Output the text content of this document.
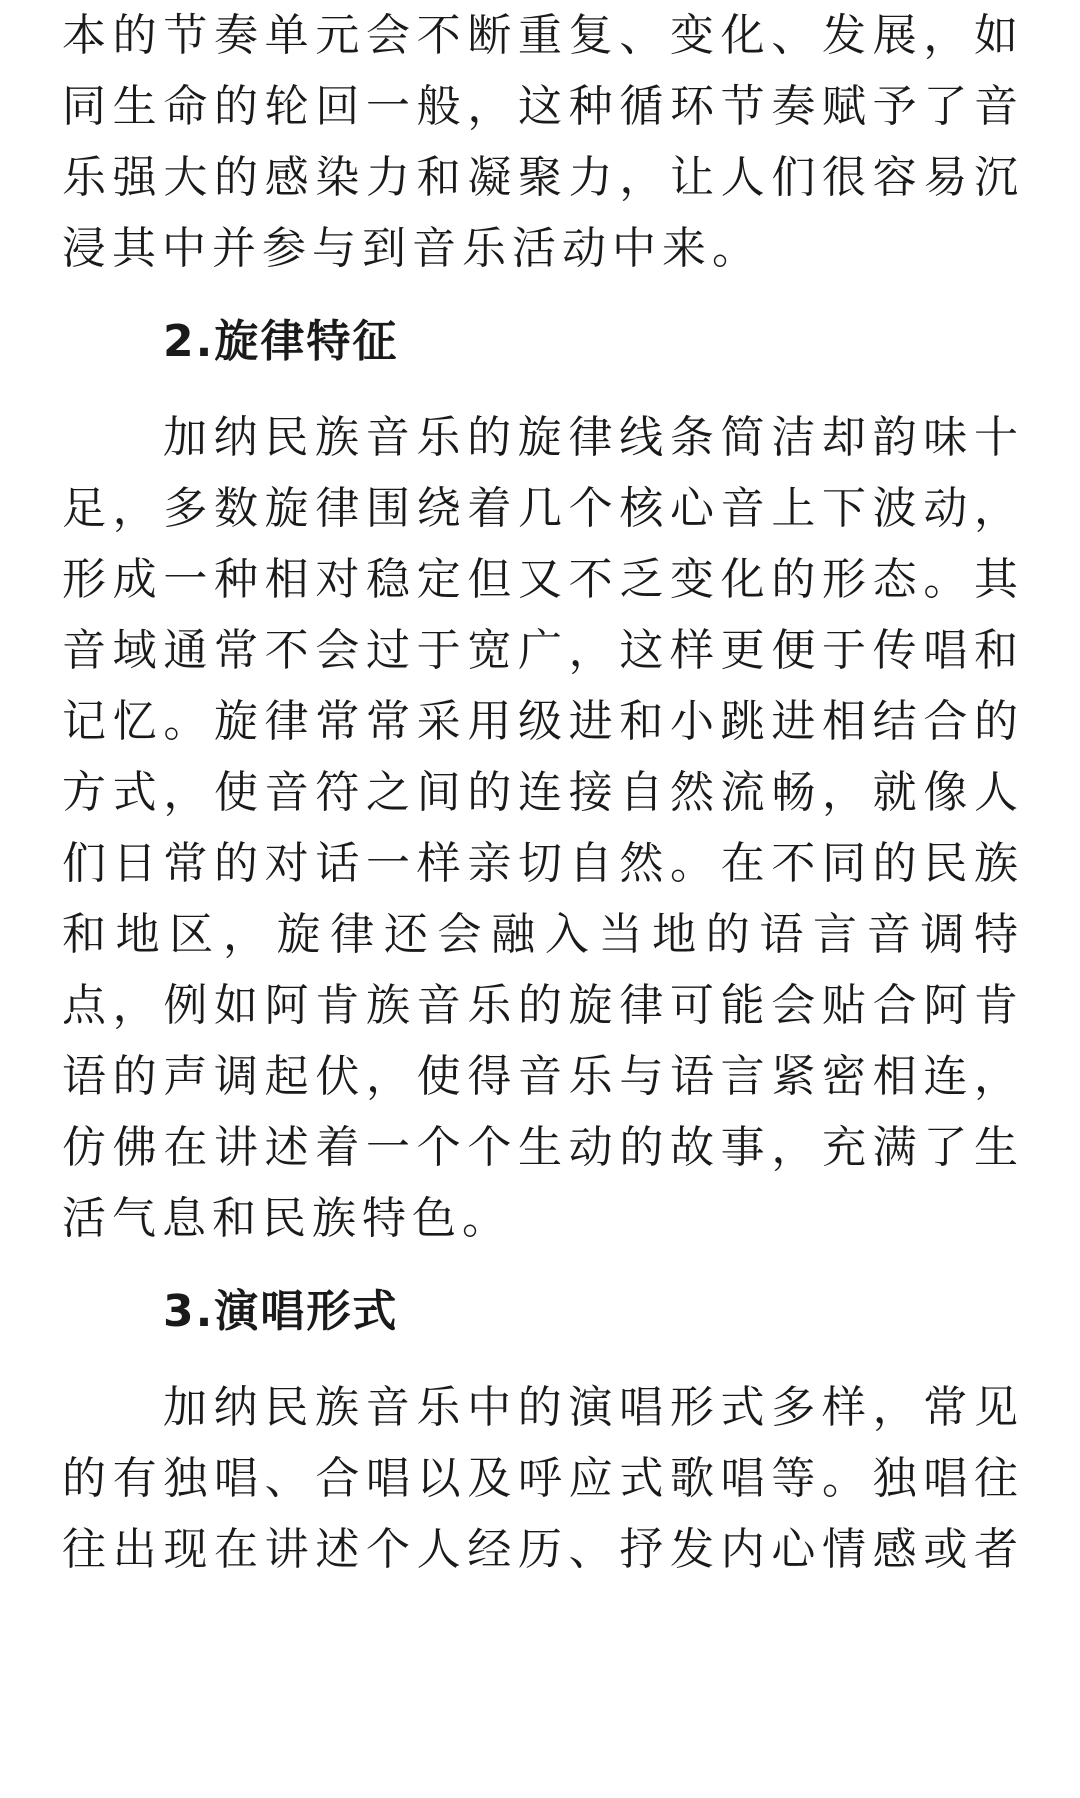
本的节奏单元会不断重复、变化、发展，如
同生命的轮回一般，这种循环节奏赋予了音
乐强大的感染力和凝聚力，让人们很容易沉
浸其中并参与到音乐活动中来。
2.旋律特征
加纳民族音乐的旋律线条简洁却韵味十
足，多数旋律围绕着几个核心音上下波动，
形成一种相对稳定但又不乏变化的形态。其
音域通常不会过于宽广，这样更便于传唱和
记忆。旋律常常采用级进和小跳进相结合的
方式，使音符之间的连接自然流畅，就像人
们日常的对话一样亲切自然。在不同的民族
和地区，旋律还会融入当地的语言音调特
点，例如阿肯族音乐的旋律可能会贴合阿肯
语的声调起伏，使得音乐与语言紧密相连，
仿佛在讲述着一个个生动的故事，充满了生
活气息和民族特色。
3.演唱形式
加纳民族音乐中的演唱形式多样，常见
的有独唱、合唱以及呼应式歌唱等。独唱往
往出现在讲述个人经历、抒发内心情感或者
